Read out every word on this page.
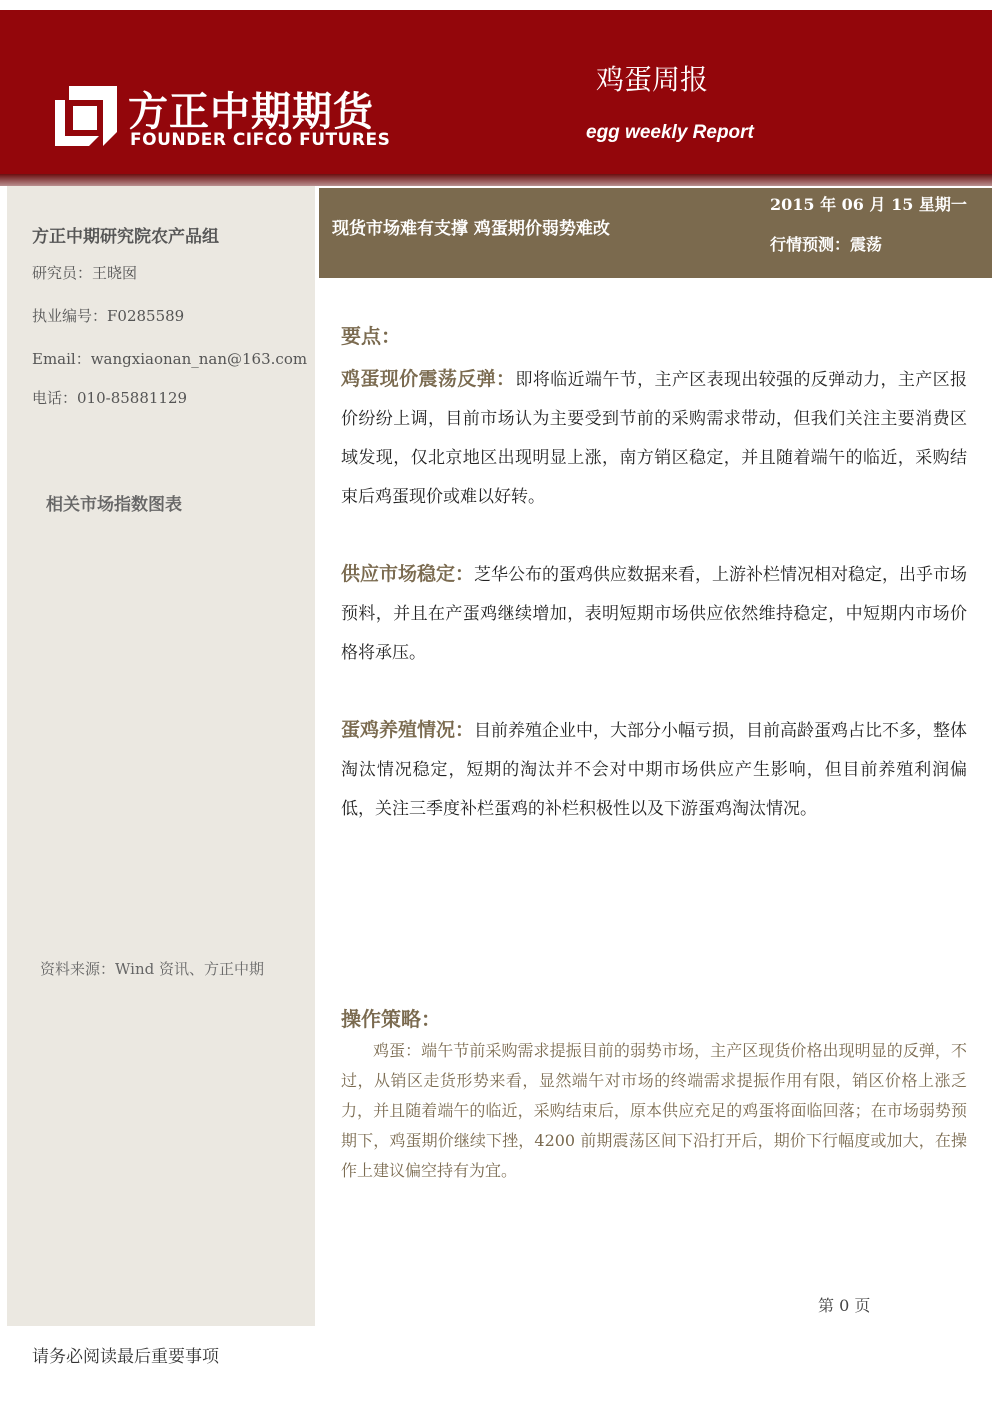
方正中期期货
FOUNDER CIFCO FUTURES
鸡蛋周报
egg weekly Report
方正中期研究院农产品组
研究员：王晓囡
执业编号：F0285589
Email：wangxiaonan_nan@163.com
电话：010-85881129
相关市场指数图表
资料来源：Wind 资讯、方正中期
现货市场难有支撑 鸡蛋期价弱势难改
2015 年 06 月 15 星期一
行情预测：震荡
要点：
鸡蛋现价震荡反弹：即将临近端午节，主产区表现出较强的反弹动力，主产区报价纷纷上调，目前市场认为主要受到节前的采购需求带动，但我们关注主要消费区域发现，仅北京地区出现明显上涨，南方销区稳定，并且随着端午的临近，采购结束后鸡蛋现价或难以好转。
供应市场稳定：芝华公布的蛋鸡供应数据来看，上游补栏情况相对稳定，出乎市场预料，并且在产蛋鸡继续增加，表明短期市场供应依然维持稳定，中短期内市场价格将承压。
蛋鸡养殖情况：目前养殖企业中，大部分小幅亏损，目前高龄蛋鸡占比不多，整体淘汰情况稳定，短期的淘汰并不会对中期市场供应产生影响，但目前养殖利润偏低，关注三季度补栏蛋鸡的补栏积极性以及下游蛋鸡淘汰情况。
操作策略：
鸡蛋：端午节前采购需求提振目前的弱势市场，主产区现货价格出现明显的反弹，不过，从销区走货形势来看，显然端午对市场的终端需求提振作用有限，销区价格上涨乏力，并且随着端午的临近，采购结束后，原本供应充足的鸡蛋将面临回落；在市场弱势预期下，鸡蛋期价继续下挫，4200 前期震荡区间下沿打开后，期价下行幅度或加大，在操作上建议偏空持有为宜。
第 0 页
请务必阅读最后重要事项
